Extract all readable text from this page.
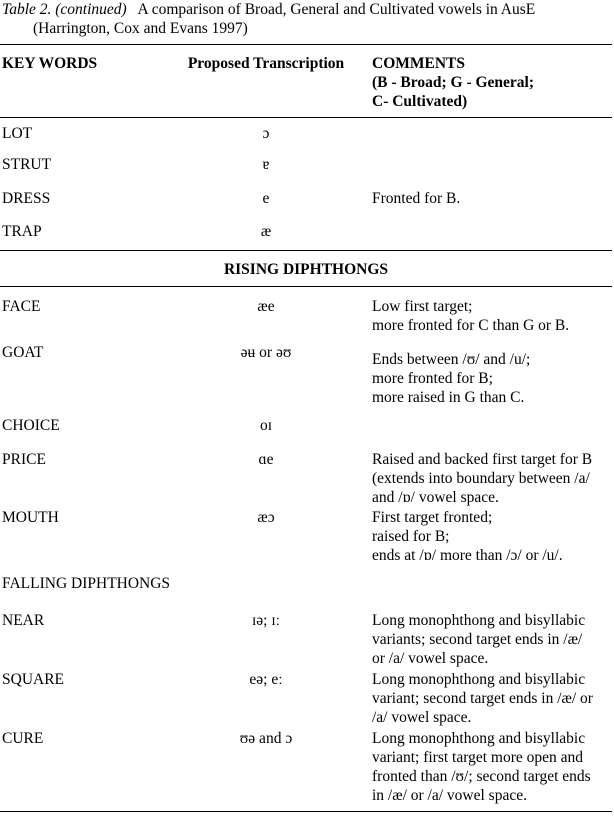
Table 2. (continued) A comparison of Broad, General and Cultivated vowels in AusE
(Harrington, Cox and Evans 1997)
KEY WORDS	Proposed Transcription	COMMENTS
(B - Broad; G - General;
C- Cultivated)
LOT	ɔ
STRUT	ɐ
DRESS	e	Fronted for B.
TRAP	æ
RISING DIPHTHONGS
FACE	æe	Low first target;
more fronted for C than G or B.
GOAT	əʉ or əʊ	Ends between /ʊ/ and /u/;
more fronted for B;
more raised in G than C.
CHOICE	oɪ
PRICE	ɑe	Raised and backed first target for B
(extends into boundary between /a/
and /ɒ/ vowel space.
MOUTH	æɔ	First target fronted;
raised for B;
ends at /ɒ/ more than /ɔ/ or /u/.
FALLING DIPHTHONGS
NEAR	ɪə; ɪː	Long monophthong and bisyllabic
variants; second target ends in /æ/
or /a/ vowel space.
SQUARE	eə; eː	Long monophthong and bisyllabic
variant; second target ends in /æ/ or
/a/ vowel space.
CURE	ʊə and ɔ	Long monophthong and bisyllabic
variant; first target more open and
fronted than /ʊ/; second target ends
in /æ/ or /a/ vowel space.
